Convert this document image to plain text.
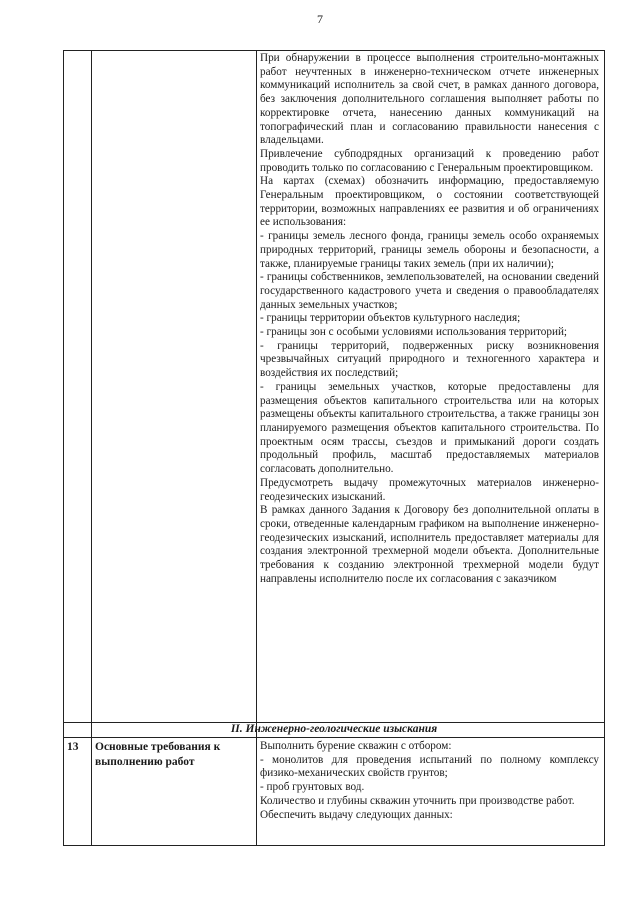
7

При обнаружении в процессе выполнения строительно-монтажных работ неучтенных в инженерно-техническом отчете инженерных коммуникаций исполнитель за свой счет, в рамках данного договора, без заключения дополнительного соглашения выполняет работы по корректировке отчета, нанесению данных коммуникаций на топографический план и согласованию правильности нанесения с владельцами.

Привлечение субподрядных организаций к проведению работ проводить только по согласованию с Генеральным проектировщиком.

На картах (схемах) обозначить информацию, предоставляемую Генеральным проектировщиком, о состоянии соответствующей территории, возможных направлениях ее развития и об ограничениях ее использования:

- границы земель лесного фонда, границы земель особо охраняемых природных территорий, границы земель обороны и безопасности, а также, планируемые границы таких земель (при их наличии);

- границы собственников, землепользователей, на основании сведений государственного кадастрового учета и сведения о правообладателях данных земельных участков;

- границы территории объектов культурного наследия;

- границы зон с особыми условиями использования территорий;

- границы территорий, подверженных риску возникновения чрезвычайных ситуаций природного и техногенного характера и воздействия их последствий;

- границы земельных участков, которые предоставлены для размещения объектов капитального строительства или на которых размещены объекты капитального строительства, а также границы зон планируемого размещения объектов капитального строительства. По проектным осям трассы, съездов и примыканий дороги создать продольный профиль, масштаб предоставляемых материалов согласовать дополнительно.

Предусмотреть выдачу промежуточных материалов инженерно-геодезических изысканий.

В рамках данного Задания к Договору без дополнительной оплаты в сроки, отведенные календарным графиком на выполнение инженерно-геодезических изысканий, исполнитель предоставляет материалы для создания электронной трехмерной модели объекта. Дополнительные требования к созданию электронной трехмерной модели будут направлены исполнителю после их согласования с заказчиком

II. Инженерно-геологические изыскания
13	Основные требования к выполнению работ

Выполнить бурение скважин с отбором:

- монолитов для проведения испытаний по полному комплексу физико-механических свойств грунтов;

- проб грунтовых вод.

Количество и глубины скважин уточнить при производстве работ.

Обеспечить выдачу следующих данных:
